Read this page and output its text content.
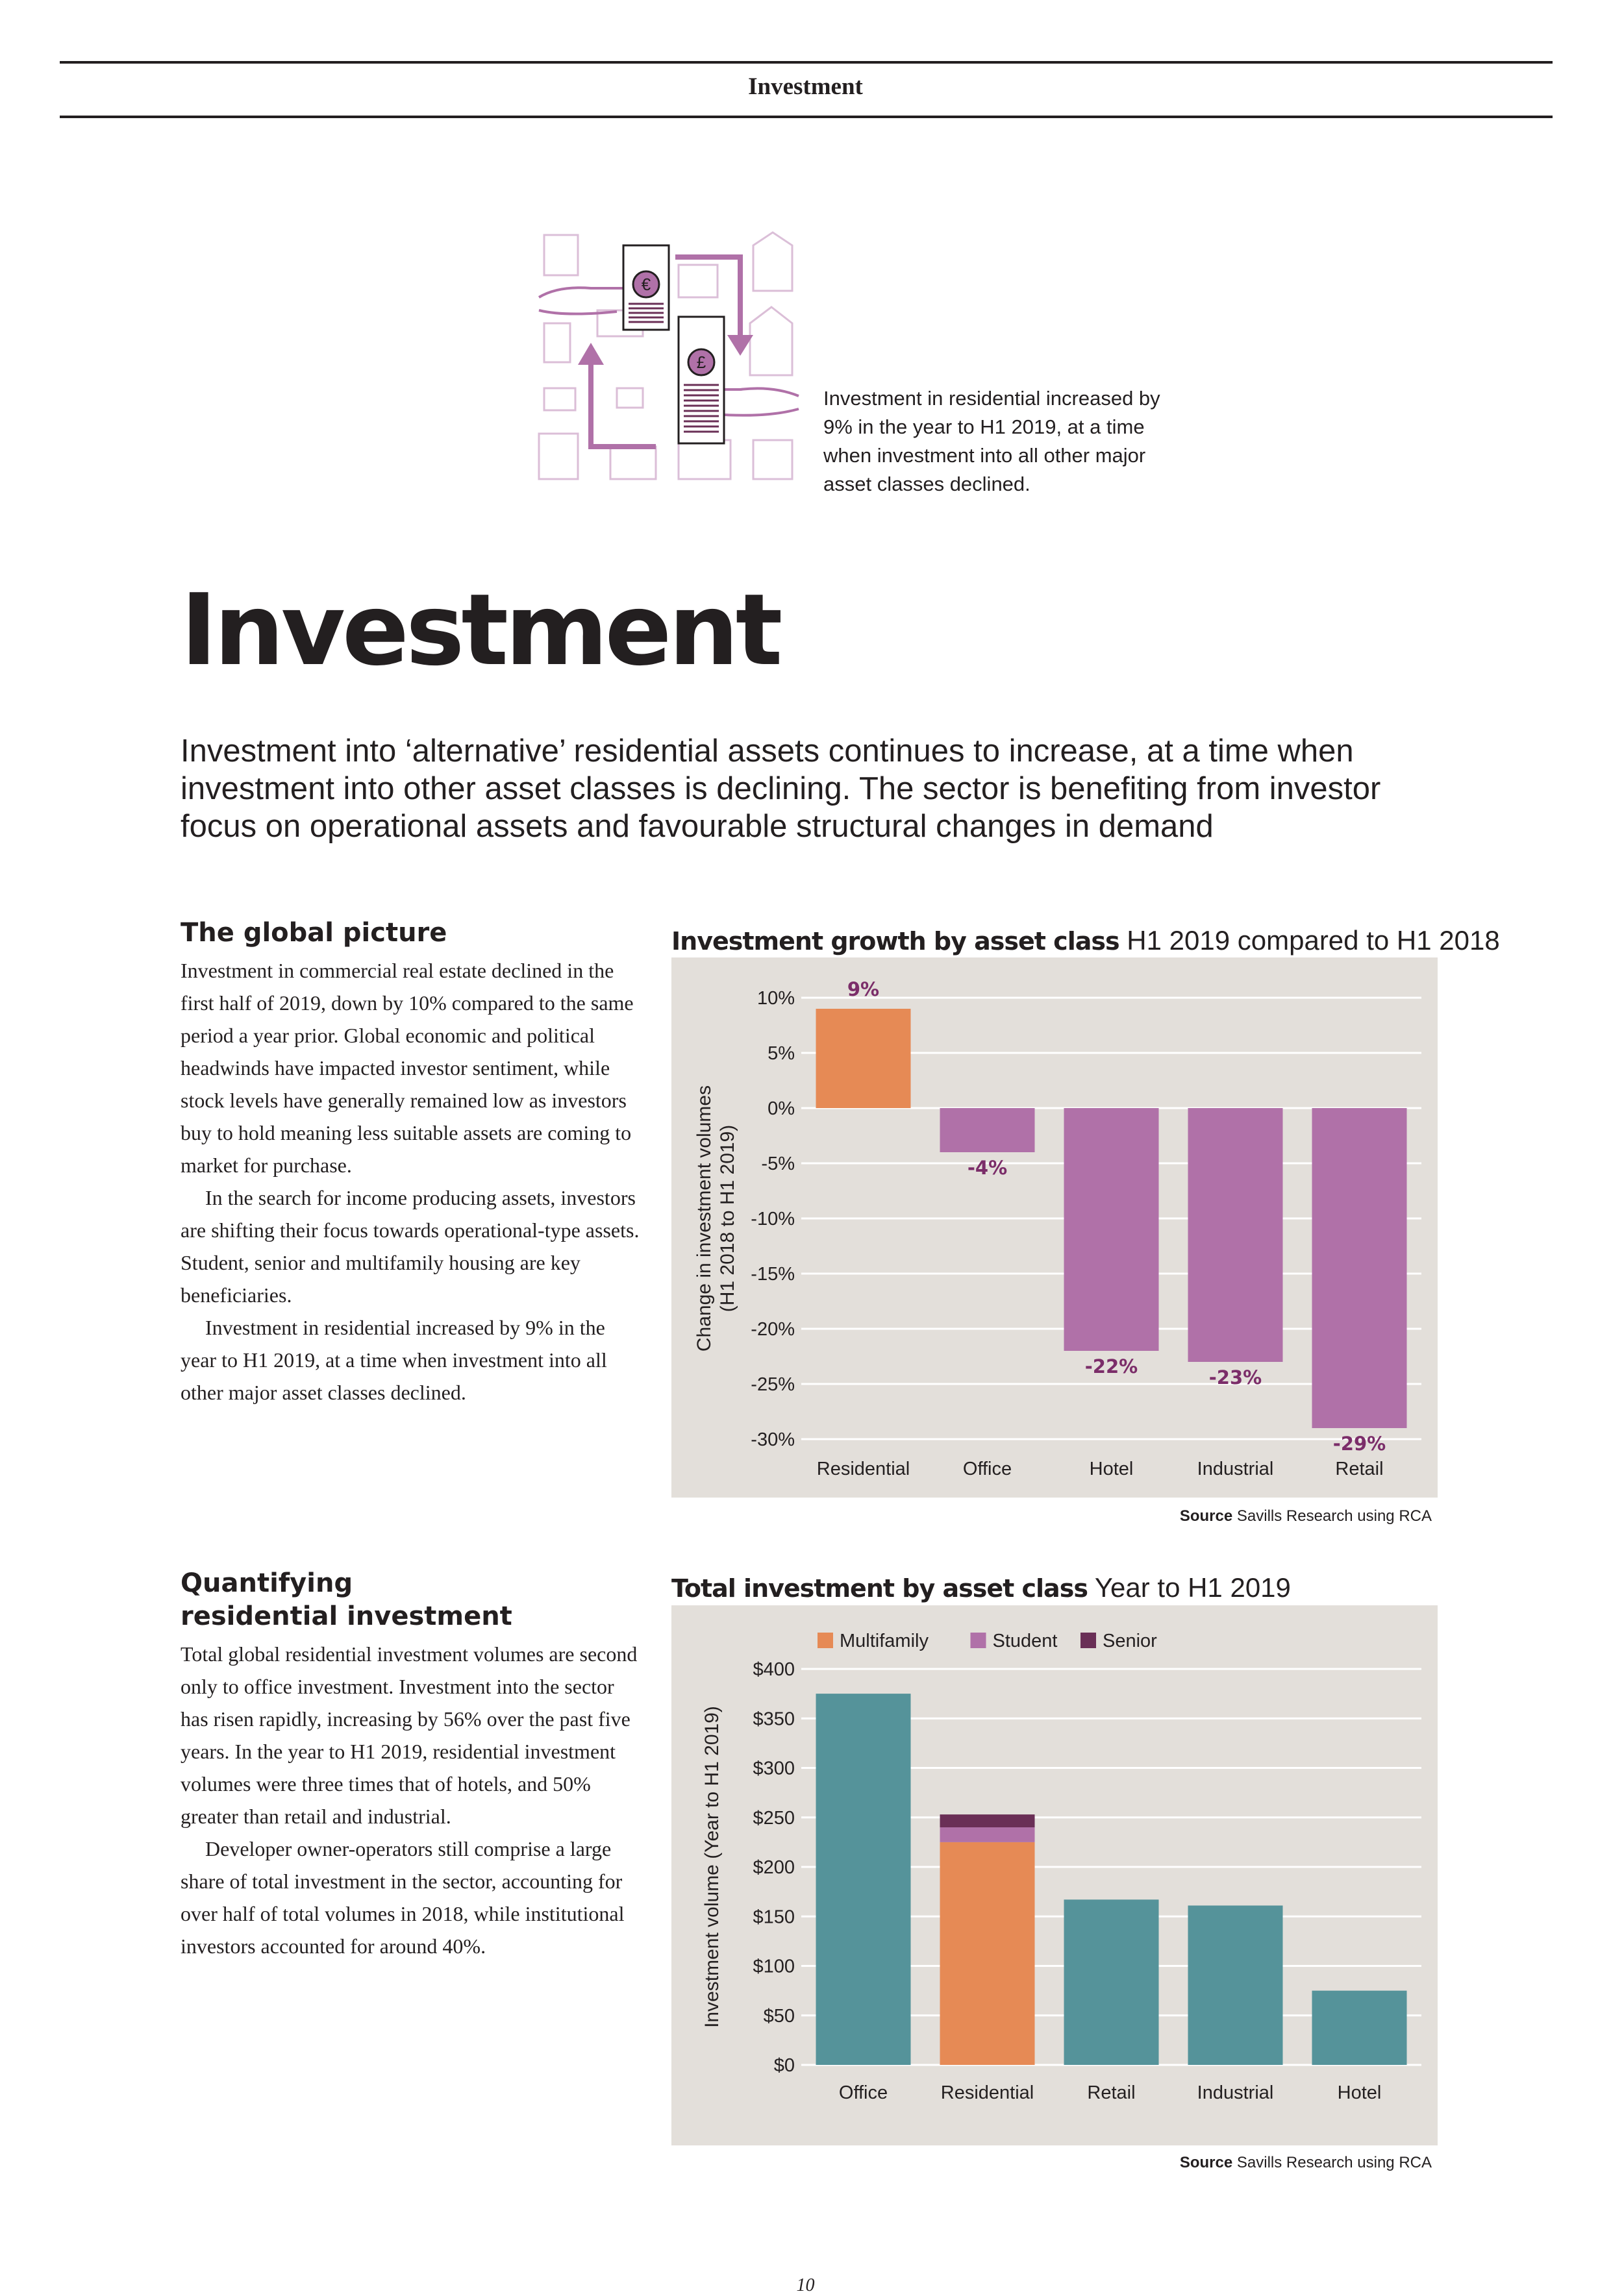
Investment
€
£
Investment in residential increased by 9% in the year to H1 2019, at a time when investment into all other major asset classes declined.
Investment

Investment into ‘alternative’ residential assets continues to increase, at a time when investment into other asset classes is declining. The sector is benefiting from investor focus on operational assets and favourable structural changes in demand

The global picture

Investment in commercial real estate declined in the first half of 2019, down by 10% compared to the same period a year prior. Global economic and political headwinds have impacted investor sentiment, while stock levels have generally remained low as investors buy to hold meaning less suitable assets are coming to market for purchase.

In the search for income producing assets, investors are shifting their focus towards operational-type assets. Student, senior and multifamily housing are key beneficiaries.

Investment in residential increased by 9% in the year to H1 2019, at a time when investment into all other major asset classes declined.

Investment growth by asset class H1 2019 compared to H1 2018
10%
5%
0%
-5%
-10%
-15%
-20%
-25%
-30%
Change in investment volumes (H1 2018 to H1 2019)
9%
Residential
-4%
Office
-22%
Hotel
-23%
Industrial
-29%
Retail
Source Savills Research using RCA
Quantifying
residential investment

Total global residential investment volumes are second only to office investment. Investment into the sector has risen rapidly, increasing by 56% over the past five years. In the year to H1 2019, residential investment volumes were three times that of hotels, and 50% greater than retail and industrial.

Developer owner-operators still comprise a large share of total investment in the sector, accounting for over half of total volumes in 2018, while institutional investors accounted for around 40%.

Total investment by asset class Year to H1 2019
$0
$50
$100
$150
$200
$250
$300
$350
$400
Investment volume (Year to H1 2019)
Multifamily	Student Senior
Office	Residential	Retail	Industrial	Hotel
Source Savills Research using RCA
10
